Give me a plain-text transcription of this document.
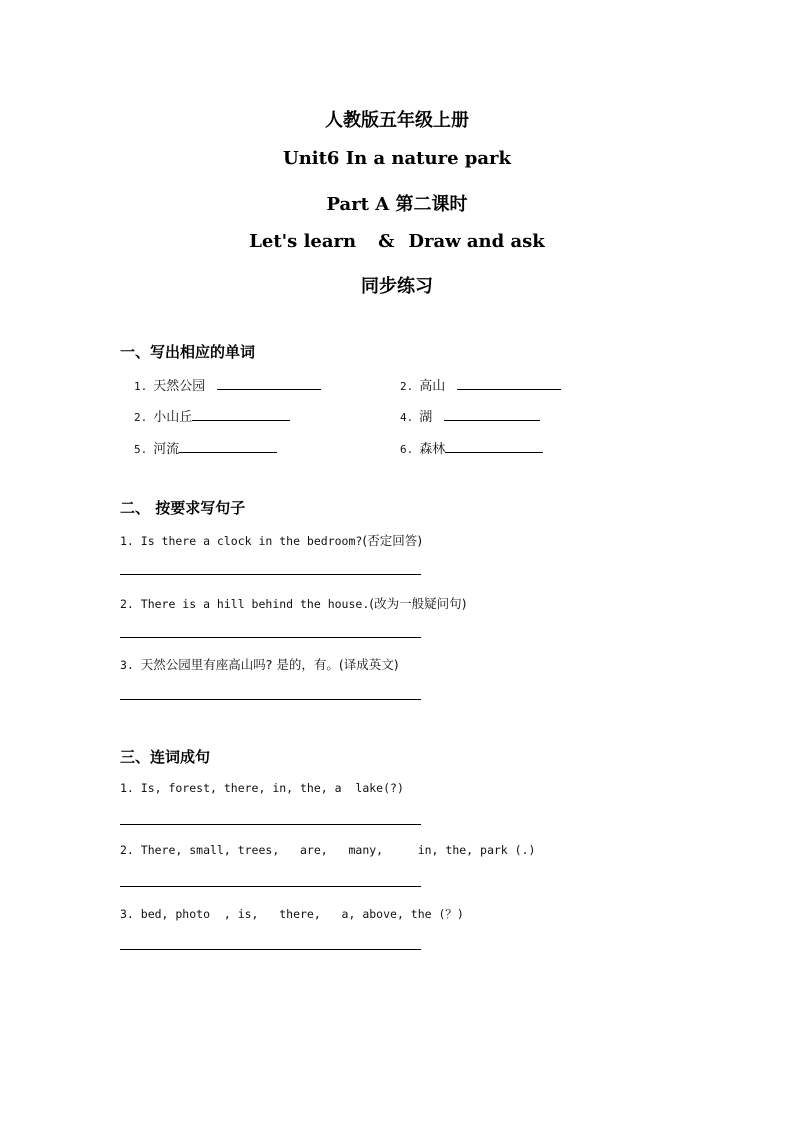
人教版五年级上册
Unit6 In a nature park
Part A 第二课时
Let's learn & Draw and ask
同步练习
一、写出相应的单词
1. 天然公园	2. 高山
2. 小山丘	4. 湖
5. 河流	6. 森林
二、 按要求写句子
1. Is there a clock in the bedroom?(否定回答)
2. There is a hill behind the house.(改为一般疑问句)
3. 天然公园里有座高山吗? 是的，有。(译成英文)
三、连词成句
1. Is, forest, there, in, the, a  lake(?)
2. There, small, trees,   are,   many,     in, the, park (.)
3. bed, photo  , is,   there,   a, above, the (？)
